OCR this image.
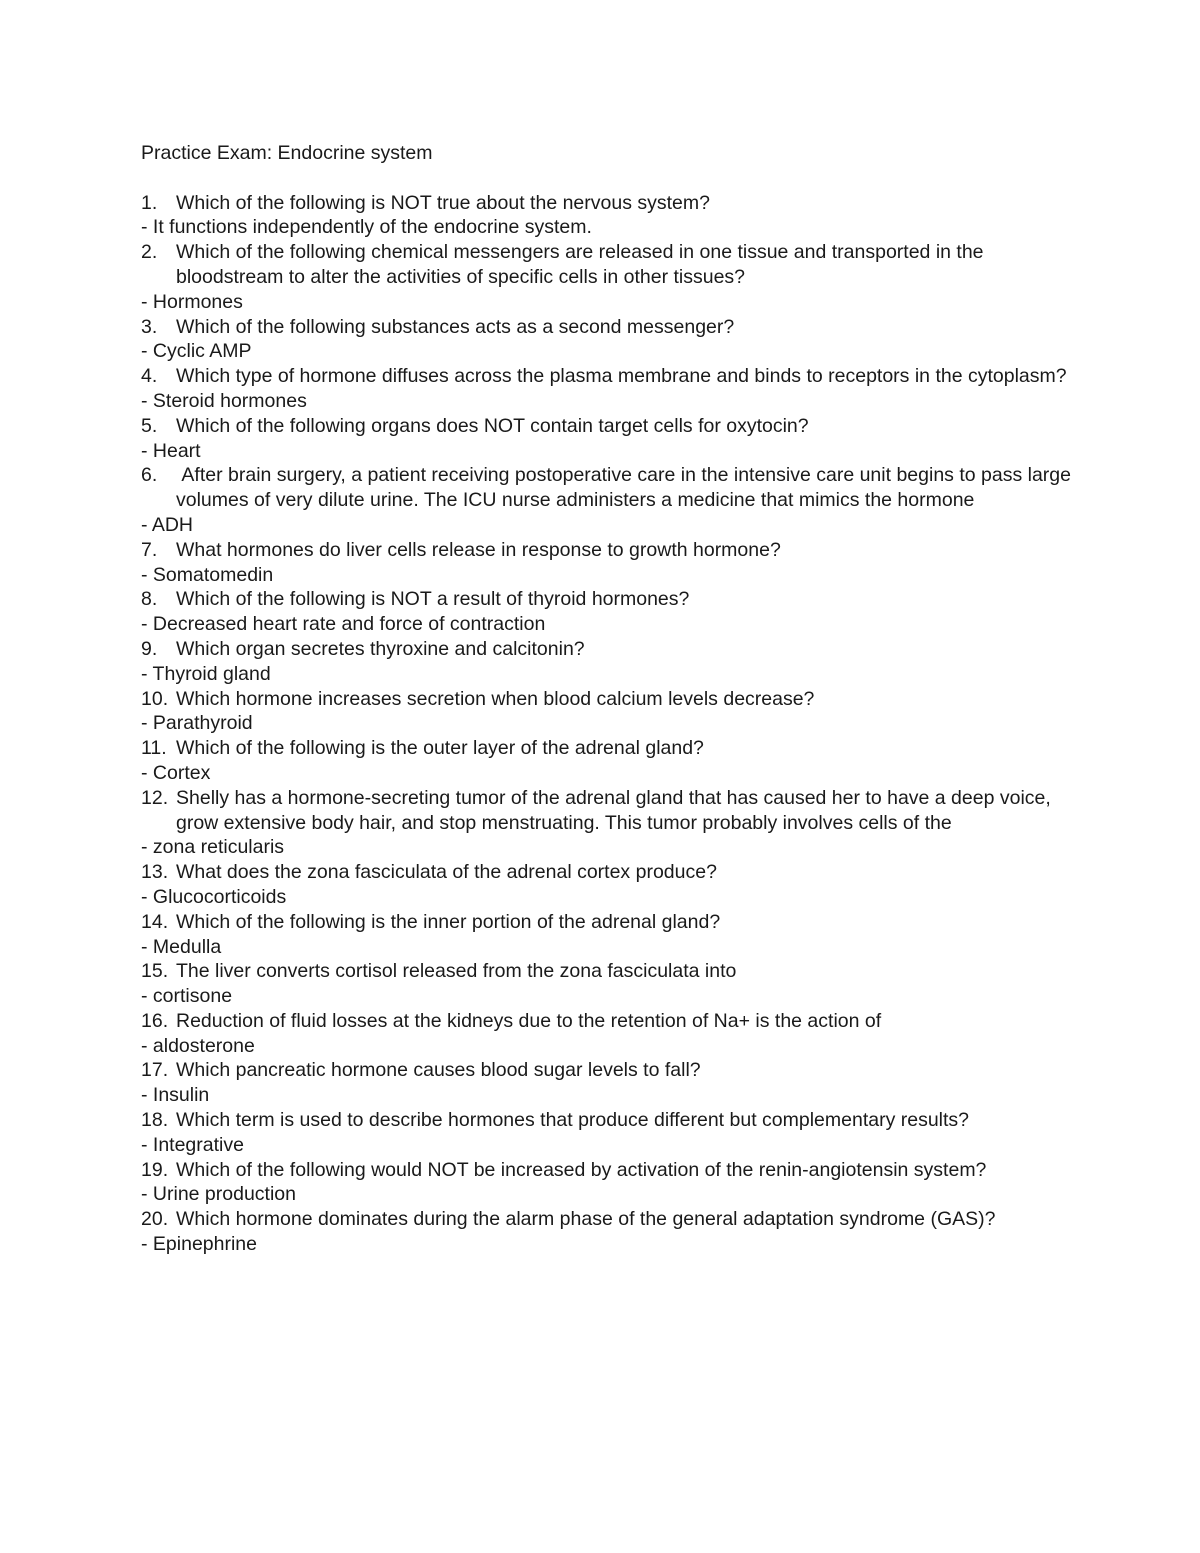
Practice Exam: Endocrine system
1. Which of the following is NOT true about the nervous system?
- It functions independently of the endocrine system.
2. Which of the following chemical messengers are released in one tissue and transported in the bloodstream to alter the activities of specific cells in other tissues?
- Hormones
3. Which of the following substances acts as a second messenger?
- Cyclic AMP
4. Which type of hormone diffuses across the plasma membrane and binds to receptors in the cytoplasm?
- Steroid hormones
5. Which of the following organs does NOT contain target cells for oxytocin?
- Heart
6. After brain surgery, a patient receiving postoperative care in the intensive care unit begins to pass large volumes of very dilute urine. The ICU nurse administers a medicine that mimics the hormone
- ADH
7. What hormones do liver cells release in response to growth hormone?
- Somatomedin
8. Which of the following is NOT a result of thyroid hormones?
- Decreased heart rate and force of contraction
9. Which organ secretes thyroxine and calcitonin?
- Thyroid gland
10. Which hormone increases secretion when blood calcium levels decrease?
- Parathyroid
11. Which of the following is the outer layer of the adrenal gland?
- Cortex
12. Shelly has a hormone-secreting tumor of the adrenal gland that has caused her to have a deep voice, grow extensive body hair, and stop menstruating. This tumor probably involves cells of the
- zona reticularis
13. What does the zona fasciculata of the adrenal cortex produce?
- Glucocorticoids
14. Which of the following is the inner portion of the adrenal gland?
- Medulla
15. The liver converts cortisol released from the zona fasciculata into
- cortisone
16. Reduction of fluid losses at the kidneys due to the retention of Na+ is the action of
- aldosterone
17. Which pancreatic hormone causes blood sugar levels to fall?
- Insulin
18. Which term is used to describe hormones that produce different but complementary results?
- Integrative
19. Which of the following would NOT be increased by activation of the renin-angiotensin system?
- Urine production
20. Which hormone dominates during the alarm phase of the general adaptation syndrome (GAS)?
- Epinephrine
